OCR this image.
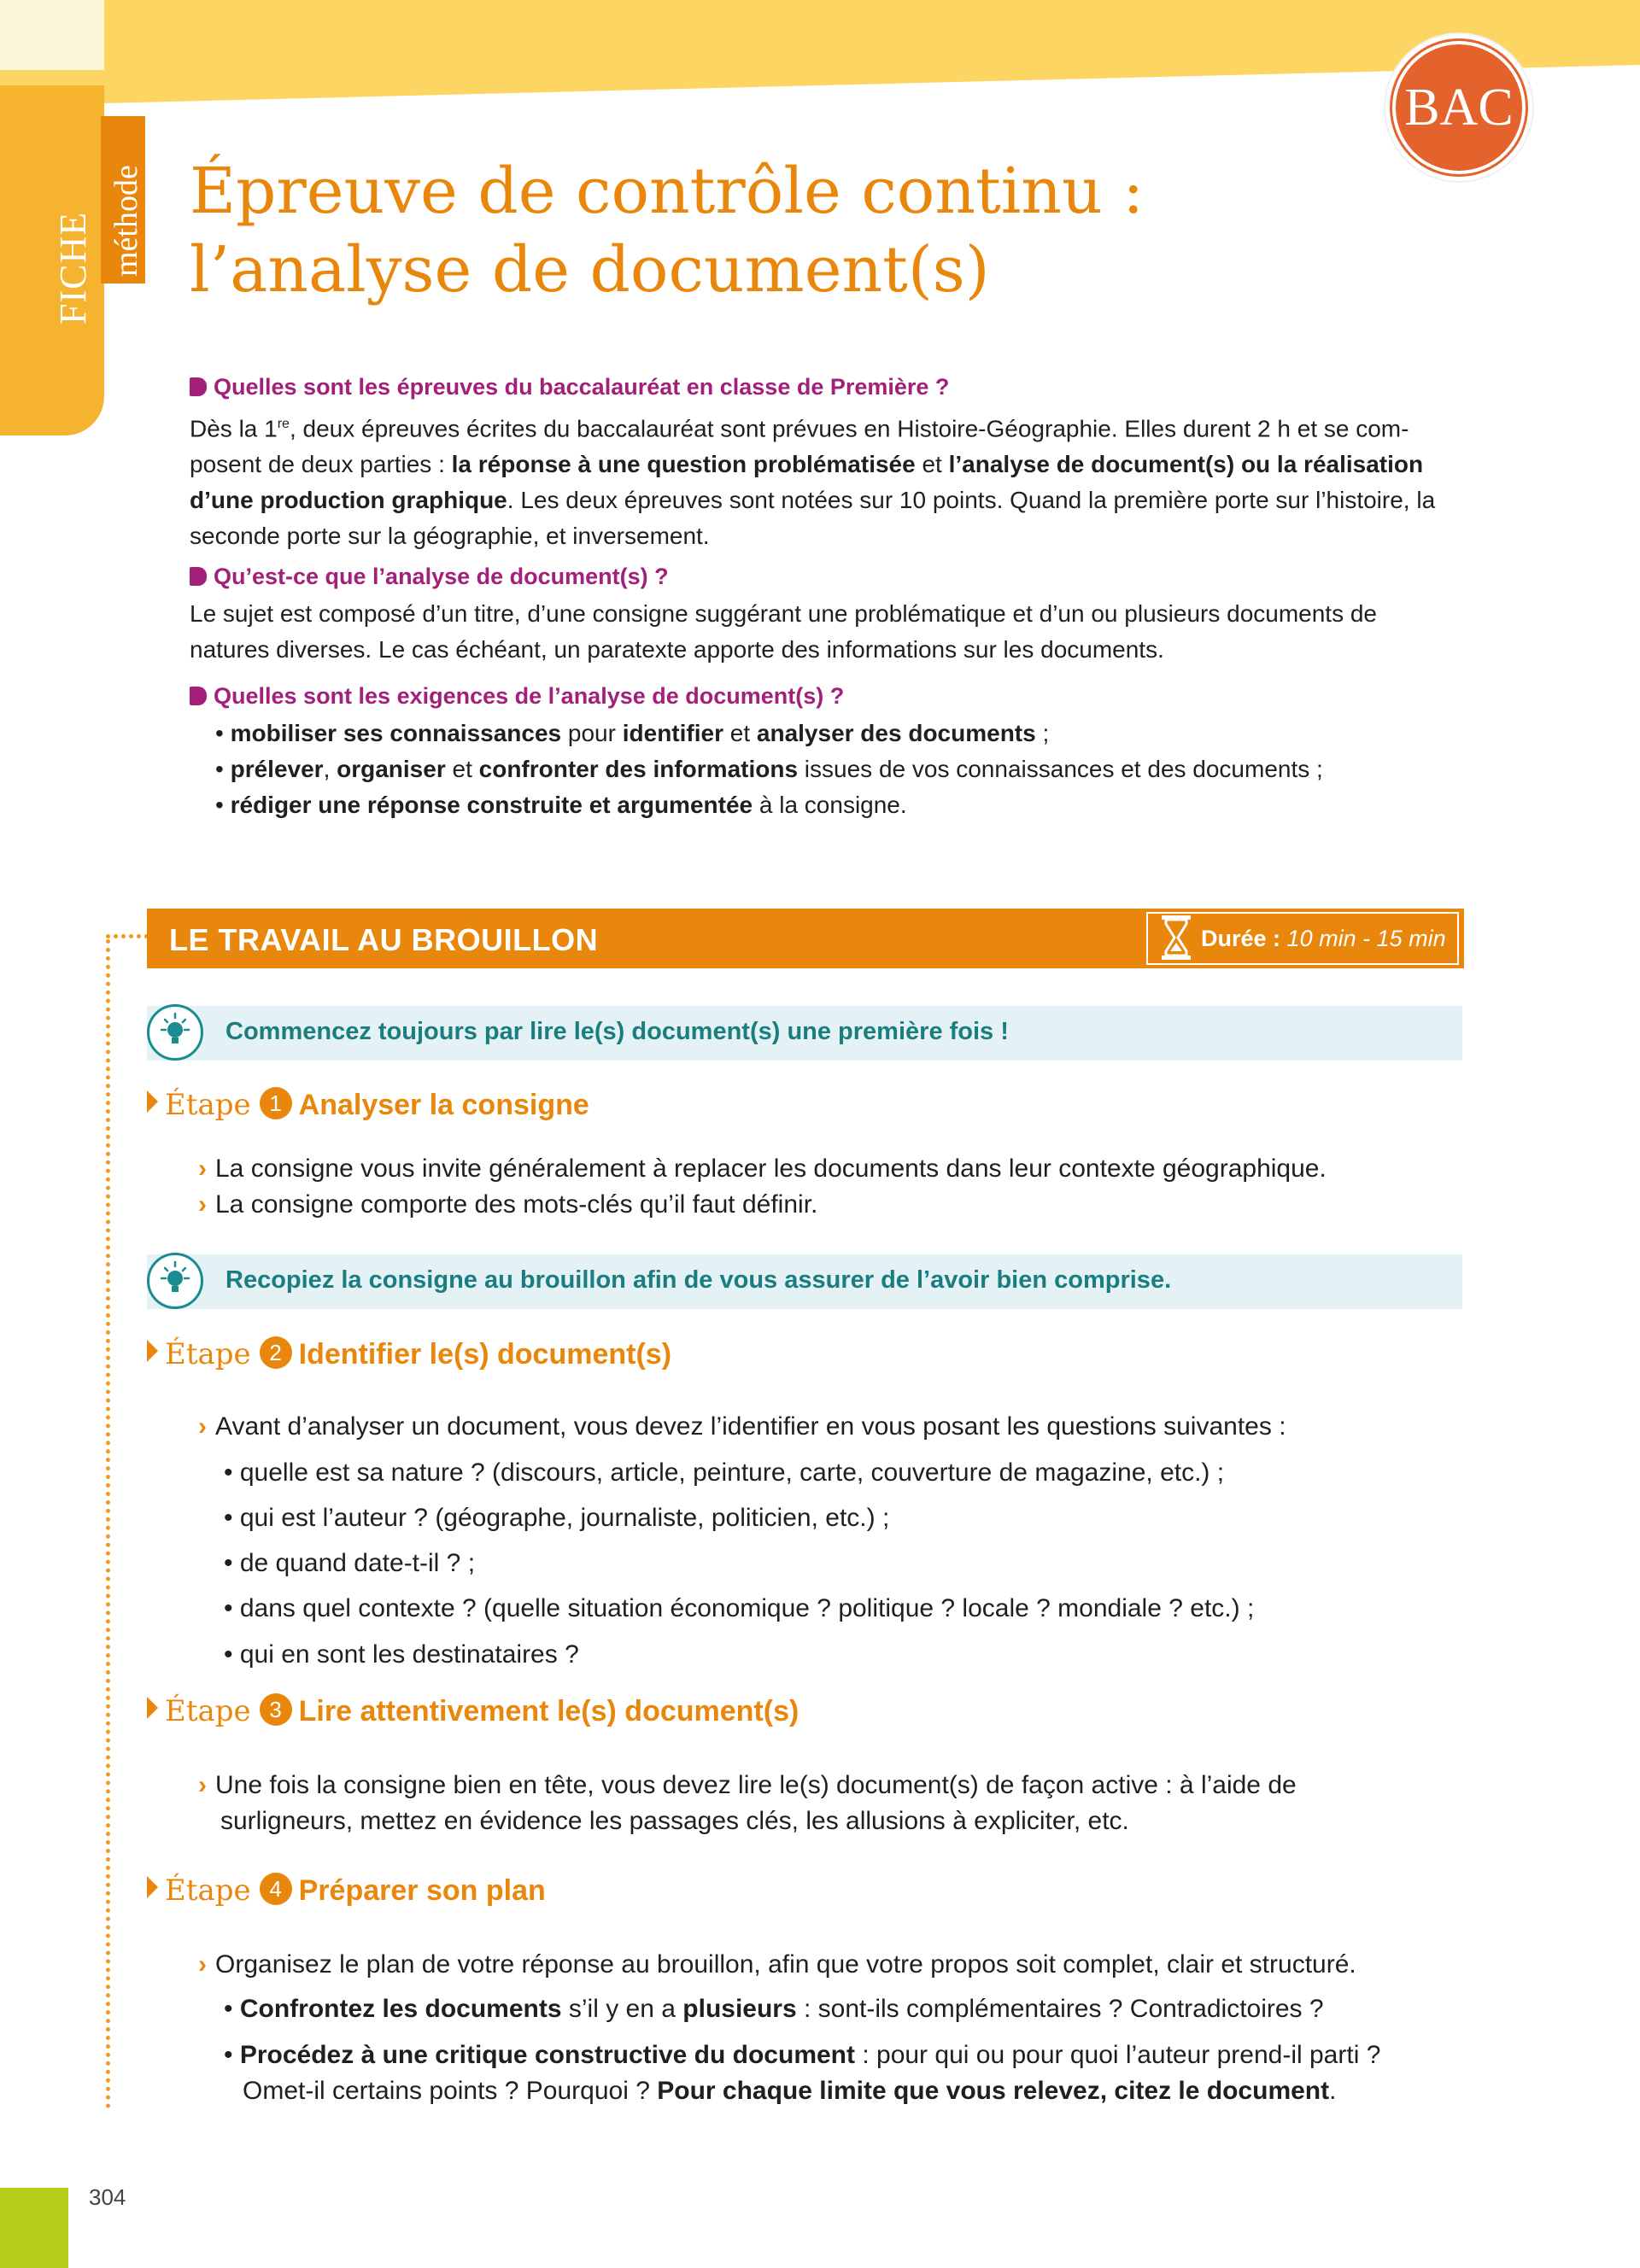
FICHE méthode Épreuve de contrôle continu :
l’analyse de document(s)
BAC
Quelles sont les épreuves du baccalauréat en classe de Première ?
Dès la 1re, deux épreuves écrites du baccalauréat sont prévues en Histoire-Géographie. Elles durent 2 h et se com-posent de deux parties : la réponse à une question problématisée et l’analyse de document(s) ou la réalisation d’une production graphique. Les deux épreuves sont notées sur 10 points. Quand la première porte sur l’histoire, la seconde porte sur la géographie, et inversement.
Qu’est-ce que l’analyse de document(s) ?
Le sujet est composé d’un titre, d’une consigne suggérant une problématique et d’un ou plusieurs documents de natures diverses. Le cas échéant, un paratexte apporte des informations sur les documents.
Quelles sont les exigences de l’analyse de document(s) ?
• mobiliser ses connaissances pour identifier et analyser des documents ;
• prélever, organiser et confronter des informations issues de vos connaissances et des documents ;
• rédiger une réponse construite et argumentée à la consigne.
LE TRAVAIL AU BROUILLON	Durée : 10 min - 15 min
Commencez toujours par lire le(s) document(s) une première fois !
Étape 1 Analyser la consigne
› La consigne vous invite généralement à replacer les documents dans leur contexte géographique.
› La consigne comporte des mots-clés qu’il faut définir.
Recopiez la consigne au brouillon afin de vous assurer de l’avoir bien comprise.
Étape 2 Identifier le(s) document(s)
› Avant d’analyser un document, vous devez l’identifier en vous posant les questions suivantes :
• quelle est sa nature ? (discours, article, peinture, carte, couverture de magazine, etc.) ;
• qui est l’auteur ? (géographe, journaliste, politicien, etc.) ;
• de quand date-t-il ? ;
• dans quel contexte ? (quelle situation économique ? politique ? locale ? mondiale ? etc.) ;
• qui en sont les destinataires ?
Étape 3 Lire attentivement le(s) document(s)
› Une fois la consigne bien en tête, vous devez lire le(s) document(s) de façon active : à l’aide de
surligneurs, mettez en évidence les passages clés, les allusions à expliciter, etc.
Étape 4 Préparer son plan
› Organisez le plan de votre réponse au brouillon, afin que votre propos soit complet, clair et structuré.
• Confrontez les documents s’il y en a plusieurs : sont-ils complémentaires ? Contradictoires ?
• Procédez à une critique constructive du document : pour qui ou pour quoi l’auteur prend-il parti ?
Omet-il certains points ? Pourquoi ? Pour chaque limite que vous relevez, citez le document.
304
